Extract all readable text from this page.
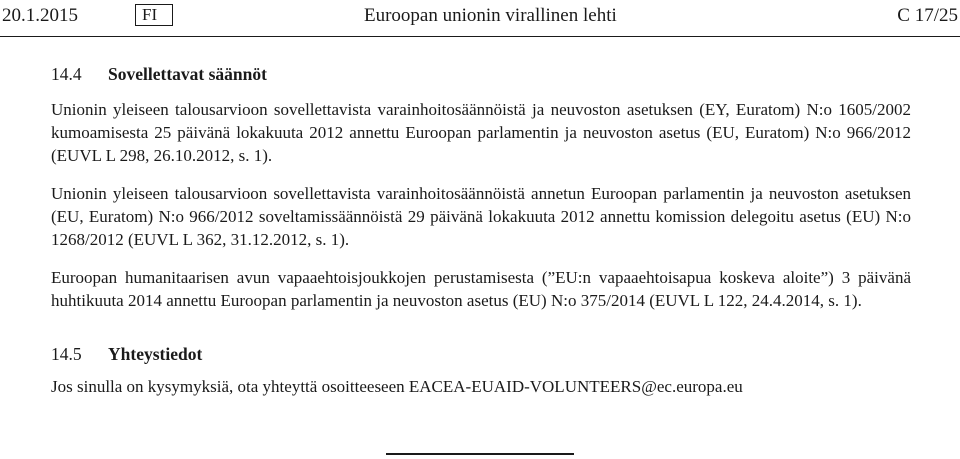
20.1.2015	FI	Euroopan unionin virallinen lehti	C 17/25
14.4 Sovellettavat säännöt
Unionin yleiseen talousarvioon sovellettavista varainhoitosäännöistä ja neuvoston asetuksen (EY, Euratom) N:o 1605/2002 kumoamisesta 25 päivänä lokakuuta 2012 annettu Euroopan parlamentin ja neuvoston asetus (EU, Euratom) N:o 966/2012 (EUVL L 298, 26.10.2012, s. 1).
Unionin yleiseen talousarvioon sovellettavista varainhoitosäännöistä annetun Euroopan parlamentin ja neuvoston asetuksen (EU, Euratom) N:o 966/2012 soveltamissäännöistä 29 päivänä lokakuuta 2012 annettu komission delegoitu asetus (EU) N:o 1268/2012 (EUVL L 362, 31.12.2012, s. 1).
Euroopan humanitaarisen avun vapaaehtoisjoukkojen perustamisesta (”EU:n vapaaehtoisapua koskeva aloite”) 3 päivänä huhtikuuta 2014 annettu Euroopan parlamentin ja neuvoston asetus (EU) N:o 375/2014 (EUVL L 122, 24.4.2014, s. 1).
14.5 Yhteystiedot
Jos sinulla on kysymyksiä, ota yhteyttä osoitteeseen EACEA-EUAID-VOLUNTEERS@ec.europa.eu
